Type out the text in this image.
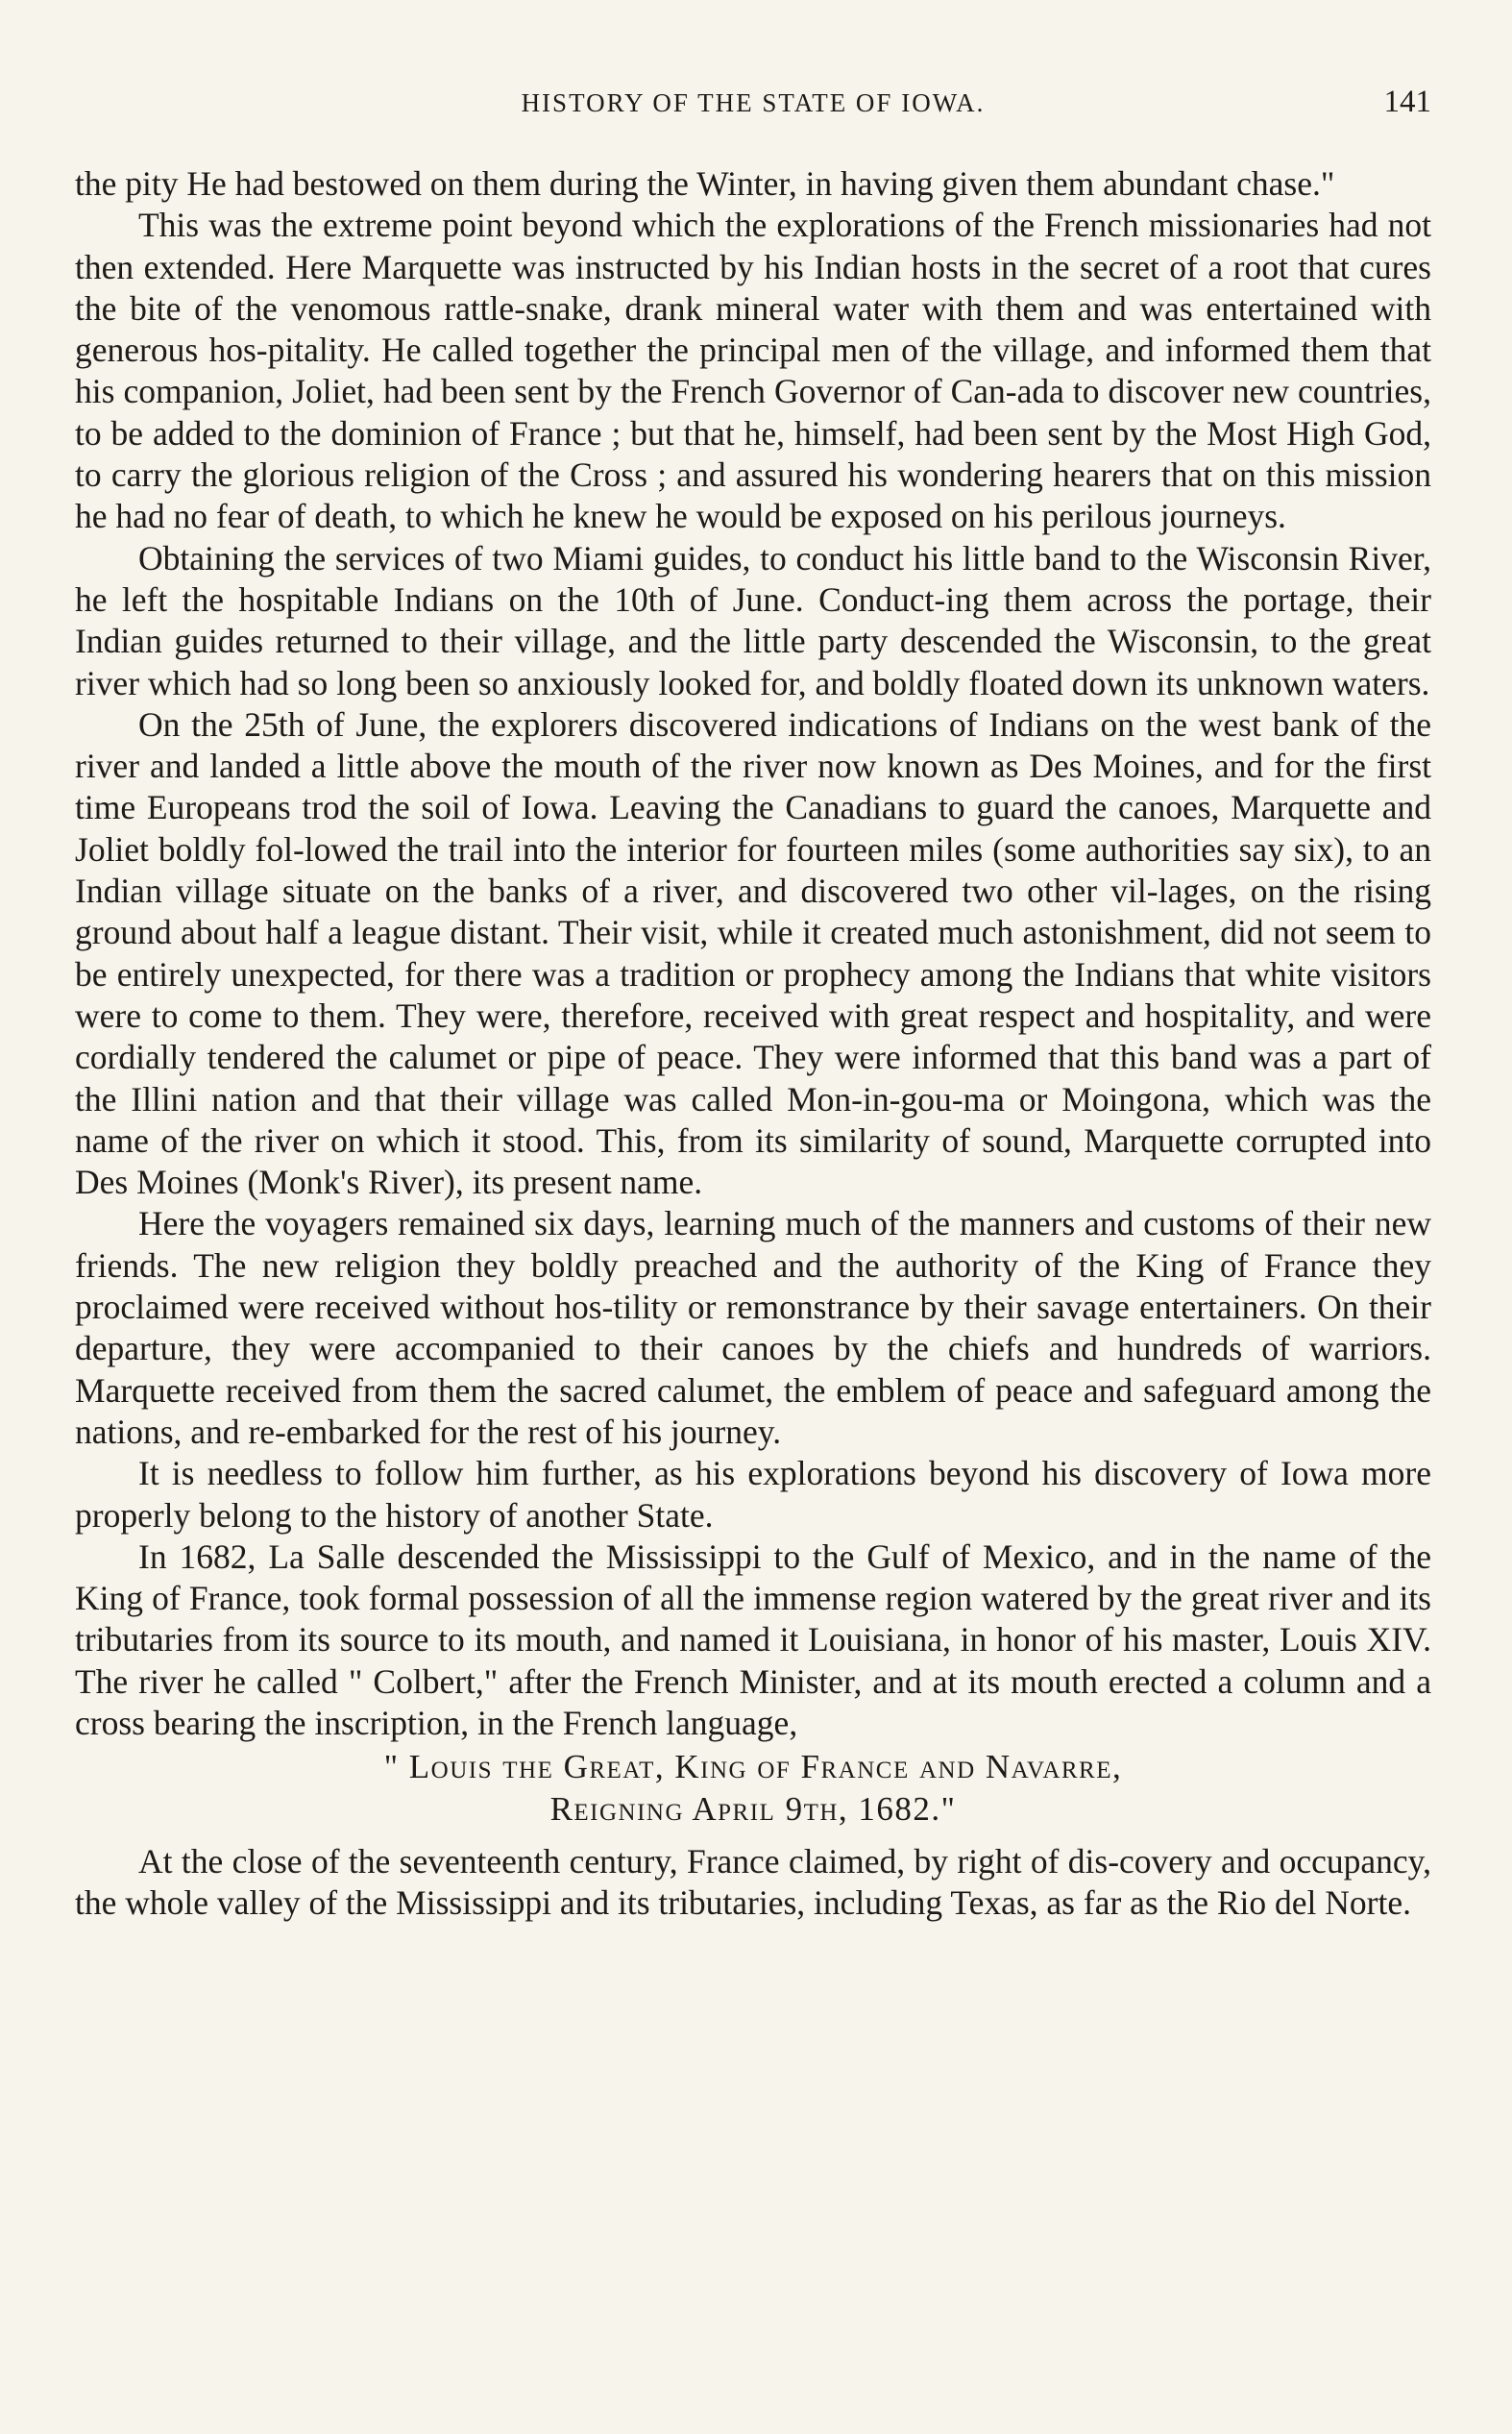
HISTORY OF THE STATE OF IOWA.	141

the pity He had bestowed on them during the Winter, in having given them abundant chase."

This was the extreme point beyond which the explorations of the French missionaries had not then extended. Here Marquette was instructed by his Indian hosts in the secret of a root that cures the bite of the venomous rattle-snake, drank mineral water with them and was entertained with generous hos-pitality. He called together the principal men of the village, and informed them that his companion, Joliet, had been sent by the French Governor of Can-ada to discover new countries, to be added to the dominion of France ; but that he, himself, had been sent by the Most High God, to carry the glorious religion of the Cross ; and assured his wondering hearers that on this mission he had no fear of death, to which he knew he would be exposed on his perilous journeys.

Obtaining the services of two Miami guides, to conduct his little band to the Wisconsin River, he left the hospitable Indians on the 10th of June. Conduct-ing them across the portage, their Indian guides returned to their village, and the little party descended the Wisconsin, to the great river which had so long been so anxiously looked for, and boldly floated down its unknown waters.

On the 25th of June, the explorers discovered indications of Indians on the west bank of the river and landed a little above the mouth of the river now known as Des Moines, and for the first time Europeans trod the soil of Iowa. Leaving the Canadians to guard the canoes, Marquette and Joliet boldly fol-lowed the trail into the interior for fourteen miles (some authorities say six), to an Indian village situate on the banks of a river, and discovered two other vil-lages, on the rising ground about half a league distant. Their visit, while it created much astonishment, did not seem to be entirely unexpected, for there was a tradition or prophecy among the Indians that white visitors were to come to them. They were, therefore, received with great respect and hospitality, and were cordially tendered the calumet or pipe of peace. They were informed that this band was a part of the Illini nation and that their village was called Mon-in-gou-ma or Moingona, which was the name of the river on which it stood. This, from its similarity of sound, Marquette corrupted into Des Moines (Monk's River), its present name.

Here the voyagers remained six days, learning much of the manners and customs of their new friends. The new religion they boldly preached and the authority of the King of France they proclaimed were received without hos-tility or remonstrance by their savage entertainers. On their departure, they were accompanied to their canoes by the chiefs and hundreds of warriors. Marquette received from them the sacred calumet, the emblem of peace and safeguard among the nations, and re-embarked for the rest of his journey.

It is needless to follow him further, as his explorations beyond his discovery of Iowa more properly belong to the history of another State.

In 1682, La Salle descended the Mississippi to the Gulf of Mexico, and in the name of the King of France, took formal possession of all the immense region watered by the great river and its tributaries from its source to its mouth, and named it Louisiana, in honor of his master, Louis XIV. The river he called " Colbert," after the French Minister, and at its mouth erected a column and a cross bearing the inscription, in the French language,

" Louis the Great, King of France and Navarre,
Reigning April 9th, 1682."

At the close of the seventeenth century, France claimed, by right of dis-covery and occupancy, the whole valley of the Mississippi and its tributaries, including Texas, as far as the Rio del Norte.
